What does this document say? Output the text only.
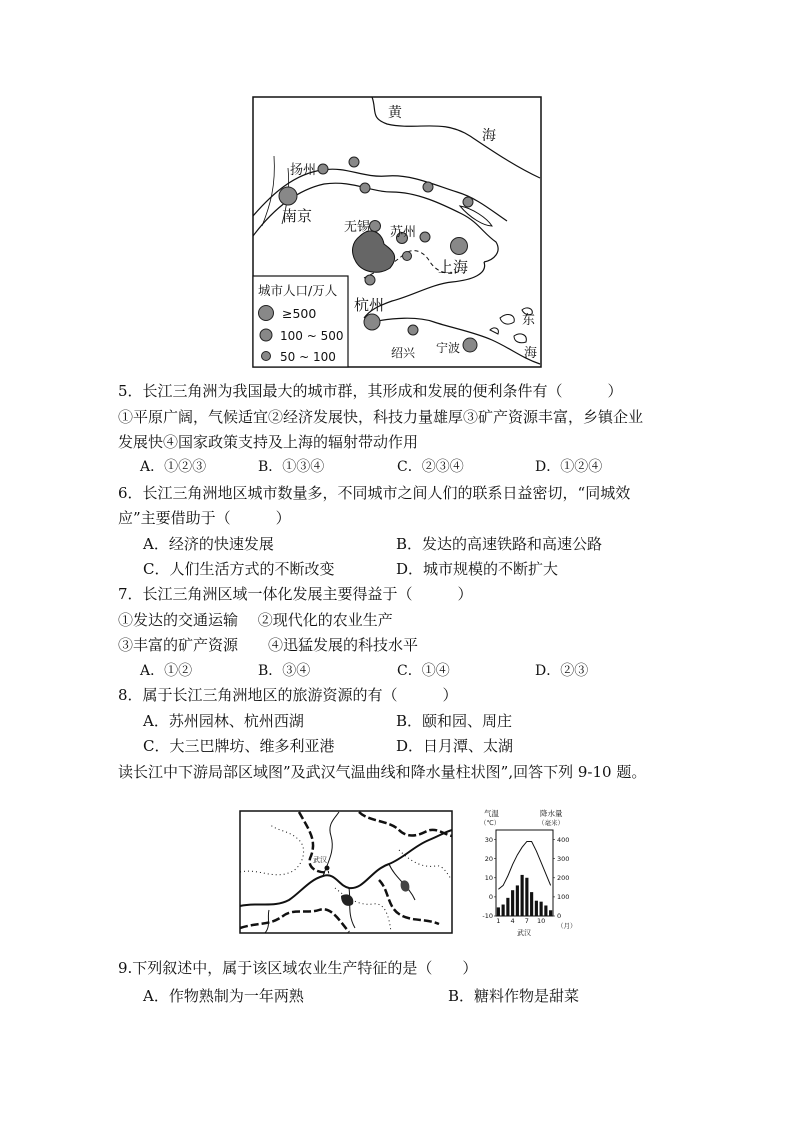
城市人口/万人
≥500
100 ~ 500
50 ~ 100
黄
海
扬州
南京
无锡 苏州
上海
杭州
绍兴 宁波
东
海
5．长江三角洲为我国最大的城市群，其形成和发展的便利条件有（　　　）
①平原广阔，气候适宜②经济发展快，科技力量雄厚③矿产资源丰富，乡镇企业
发展快④国家政策支持及上海的辐射带动作用
A．①②③	B．①③④	C．②③④	D．①②④
6．长江三角洲地区城市数量多，不同城市之间人们的联系日益密切，“同城效
应”主要借助于（　　　）
A．经济的快速发展	B．发达的高速铁路和高速公路
C．人们生活方式的不断改变	D．城市规模的不断扩大
7．长江三角洲区域一体化发展主要得益于（　　　）
①发达的交通运输　 ②现代化的农业生产
③丰富的矿产资源　　④迅猛发展的科技水平
A．①②	B．③④	C．①④	D．②③
8．属于长江三角洲地区的旅游资源的有（　　　）
A．苏州园林、杭州西湖	B．颐和园、周庄
C．大三巴牌坊、维多利亚港	D．日月潭、太湖
读长江中下游局部区域图”及武汉气温曲线和降水量柱状图”,回答下列 9-10 题。
武汉
气温
（℃）
降水量
（毫米）
30
20
10
0
-10
400
300
200
100
0
1 4 7 10
（月）
武汉
9.下列叙述中，属于该区域农业生产特征的是（　　）
A．作物熟制为一年两熟	B．糖料作物是甜菜
